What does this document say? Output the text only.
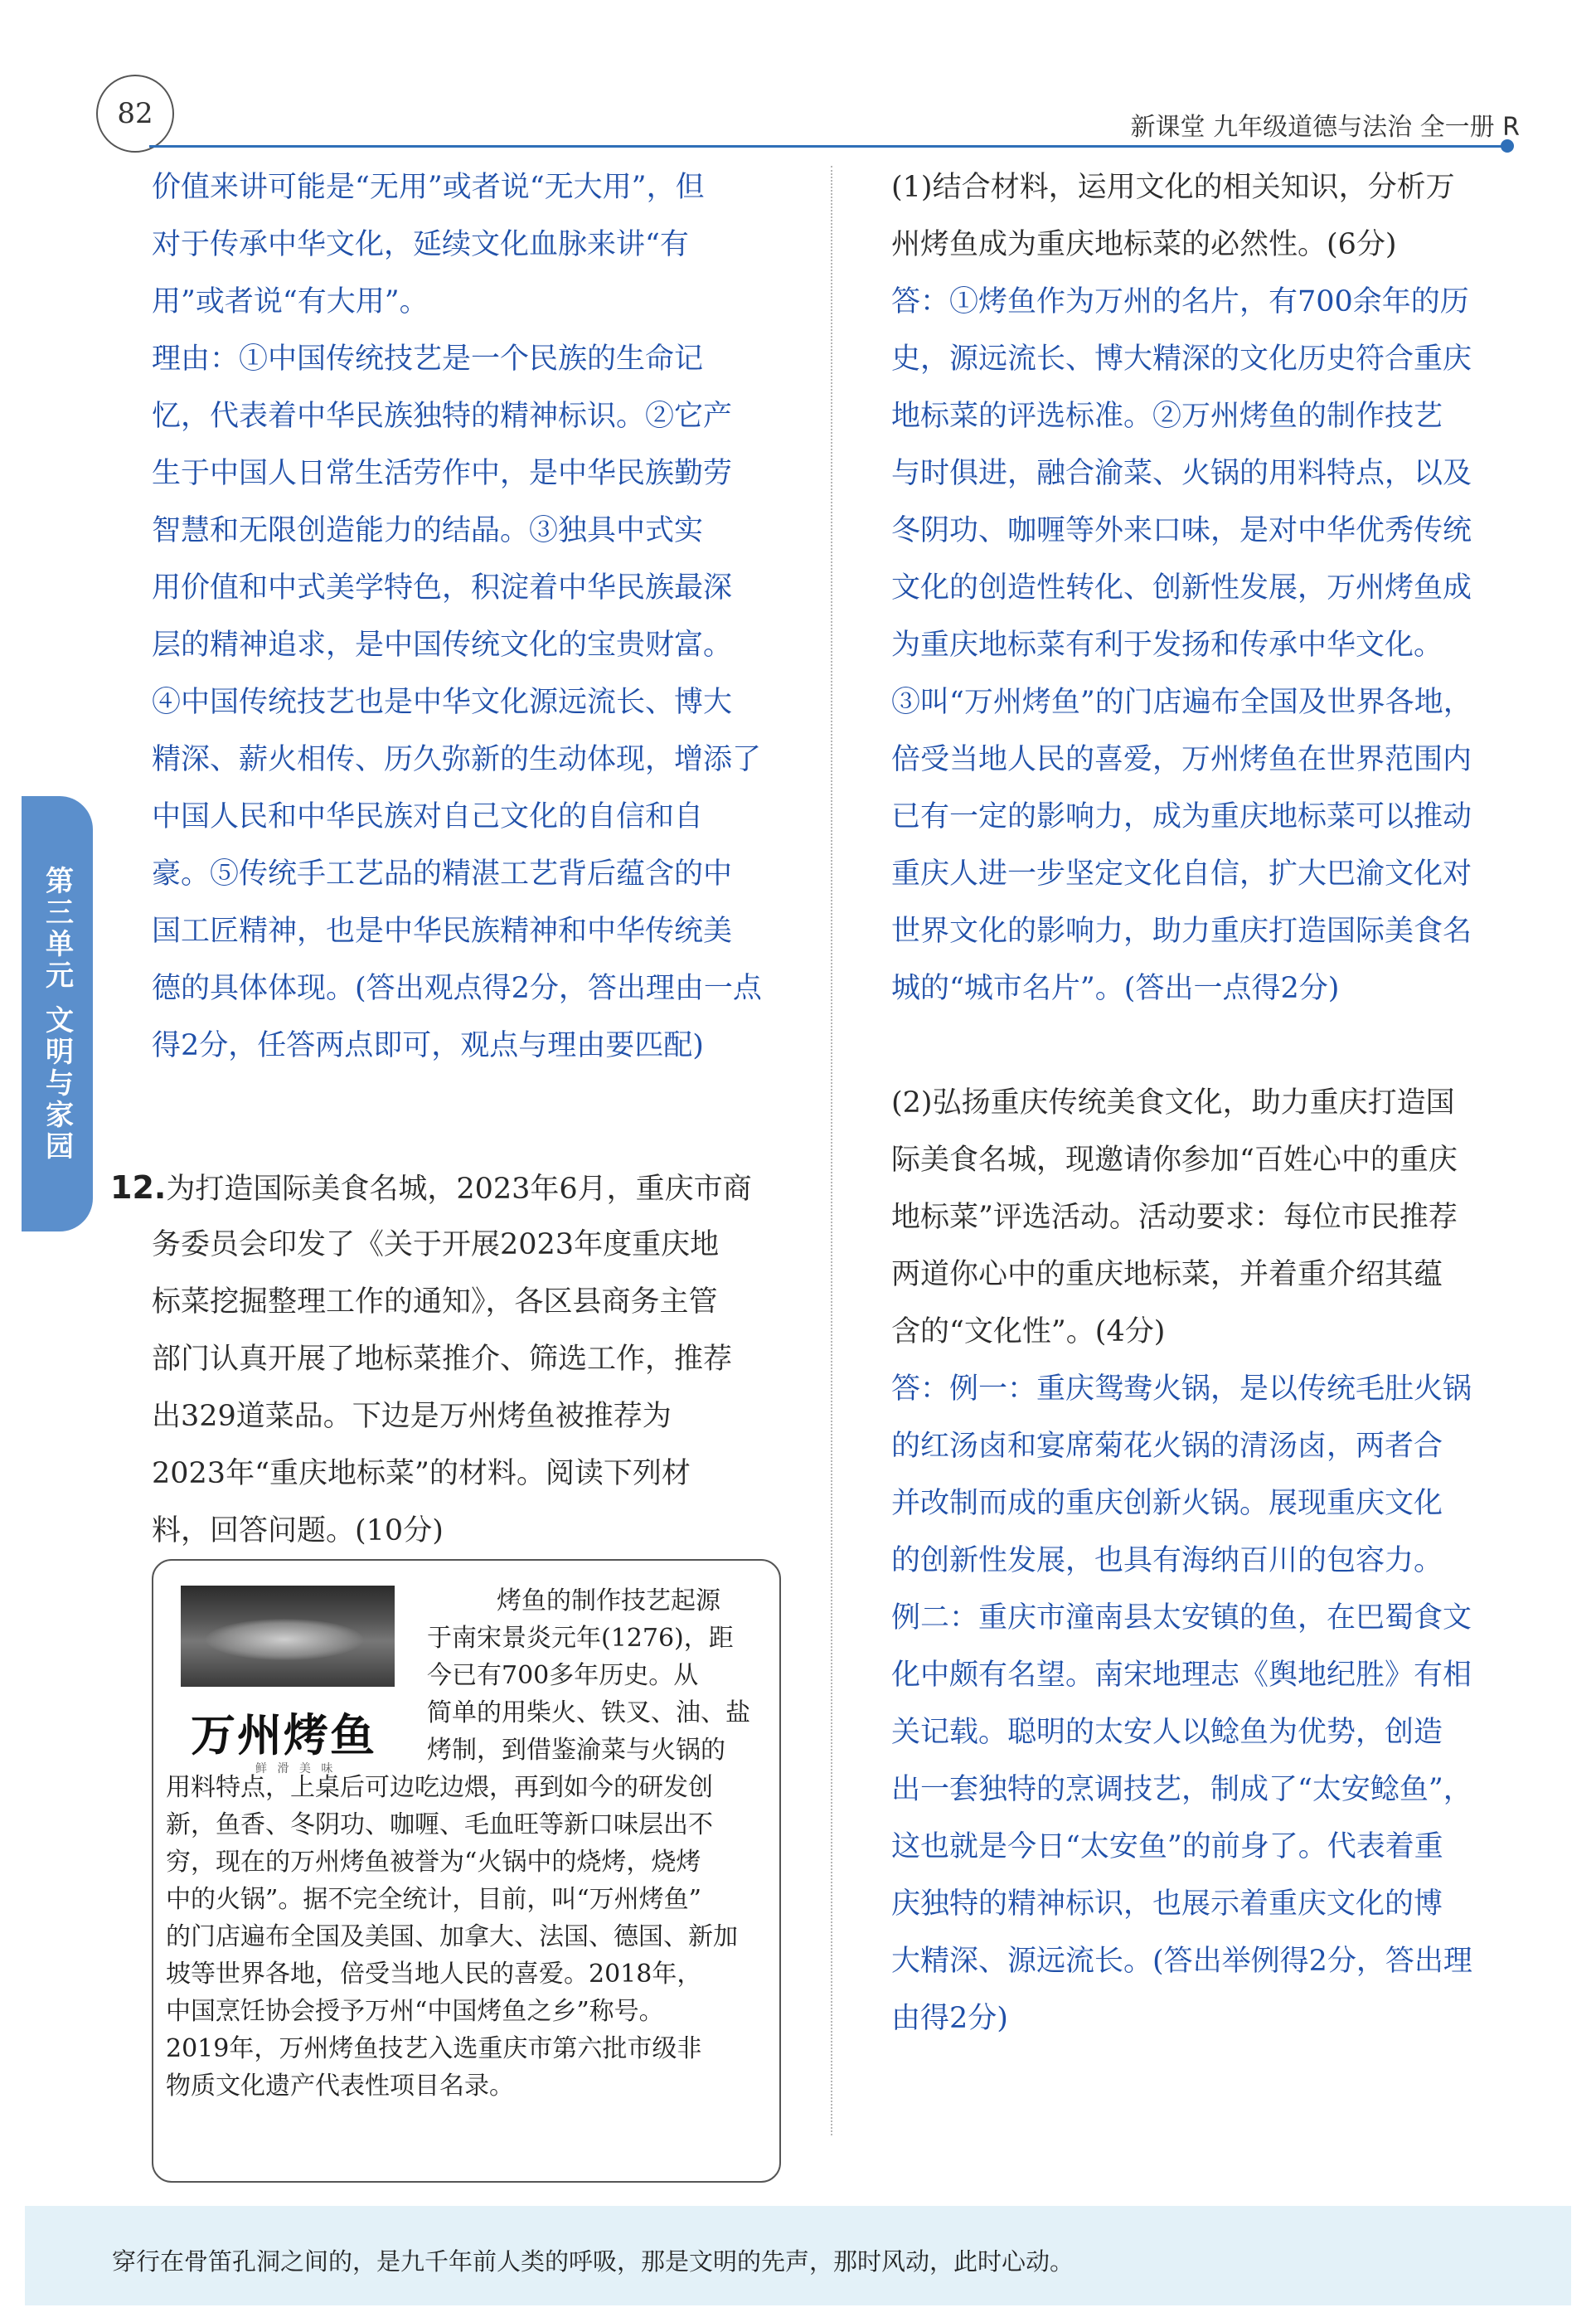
82	新课堂 九年级道德与法治 全一册 R
第三单元 文明与家园
价值来讲可能是“无用”或者说“无大用”，但
对于传承中华文化，延续文化血脉来讲“有
用”或者说“有大用”。
理由：①中国传统技艺是一个民族的生命记
忆，代表着中华民族独特的精神标识。②它产
生于中国人日常生活劳作中，是中华民族勤劳
智慧和无限创造能力的结晶。③独具中式实
用价值和中式美学特色，积淀着中华民族最深
层的精神追求，是中国传统文化的宝贵财富。
④中国传统技艺也是中华文化源远流长、博大
精深、薪火相传、历久弥新的生动体现，增添了
中国人民和中华民族对自己文化的自信和自
豪。⑤传统手工艺品的精湛工艺背后蕴含的中
国工匠精神，也是中华民族精神和中华传统美
德的具体体现。(答出观点得2分，答出理由一点
得2分，任答两点即可，观点与理由要匹配)
12.为打造国际美食名城，2023年6月，重庆市商
务委员会印发了《关于开展2023年度重庆地
标菜挖掘整理工作的通知》，各区县商务主管
部门认真开展了地标菜推介、筛选工作，推荐
出329道菜品。下边是万州烤鱼被推荐为
2023年“重庆地标菜”的材料。阅读下列材
料，回答问题。(10分)
万州烤鱼
鲜 滑 美 味
烤鱼的制作技艺起源
于南宋景炎元年(1276)，距
今已有700多年历史。从
简单的用柴火、铁叉、油、盐
烤制，到借鉴渝菜与火锅的
用料特点，上桌后可边吃边煨，再到如今的研发创
新，鱼香、冬阴功、咖喱、毛血旺等新口味层出不
穷，现在的万州烤鱼被誉为“火锅中的烧烤，烧烤
中的火锅”。据不完全统计，目前，叫“万州烤鱼”
的门店遍布全国及美国、加拿大、法国、德国、新加
坡等世界各地，倍受当地人民的喜爱。2018年，
中国烹饪协会授予万州“中国烤鱼之乡”称号。
2019年，万州烤鱼技艺入选重庆市第六批市级非
物质文化遗产代表性项目名录。
(1)结合材料，运用文化的相关知识，分析万
州烤鱼成为重庆地标菜的必然性。(6分)
答：①烤鱼作为万州的名片，有700余年的历
史，源远流长、博大精深的文化历史符合重庆
地标菜的评选标准。②万州烤鱼的制作技艺
与时俱进，融合渝菜、火锅的用料特点，以及
冬阴功、咖喱等外来口味，是对中华优秀传统
文化的创造性转化、创新性发展，万州烤鱼成
为重庆地标菜有利于发扬和传承中华文化。
③叫“万州烤鱼”的门店遍布全国及世界各地，
倍受当地人民的喜爱，万州烤鱼在世界范围内
已有一定的影响力，成为重庆地标菜可以推动
重庆人进一步坚定文化自信，扩大巴渝文化对
世界文化的影响力，助力重庆打造国际美食名
城的“城市名片”。(答出一点得2分)
(2)弘扬重庆传统美食文化，助力重庆打造国
际美食名城，现邀请你参加“百姓心中的重庆
地标菜”评选活动。活动要求：每位市民推荐
两道你心中的重庆地标菜，并着重介绍其蕴
含的“文化性”。(4分)
答：例一：重庆鸳鸯火锅，是以传统毛肚火锅
的红汤卤和宴席菊花火锅的清汤卤，两者合
并改制而成的重庆创新火锅。展现重庆文化
的创新性发展，也具有海纳百川的包容力。
例二：重庆市潼南县太安镇的鱼，在巴蜀食文
化中颇有名望。南宋地理志《舆地纪胜》有相
关记载。聪明的太安人以鲶鱼为优势，创造
出一套独特的烹调技艺，制成了“太安鲶鱼”，
这也就是今日“太安鱼”的前身了。代表着重
庆独特的精神标识，也展示着重庆文化的博
大精深、源远流长。(答出举例得2分，答出理
由得2分)
穿行在骨笛孔洞之间的，是九千年前人类的呼吸，那是文明的先声，那时风动，此时心动。
